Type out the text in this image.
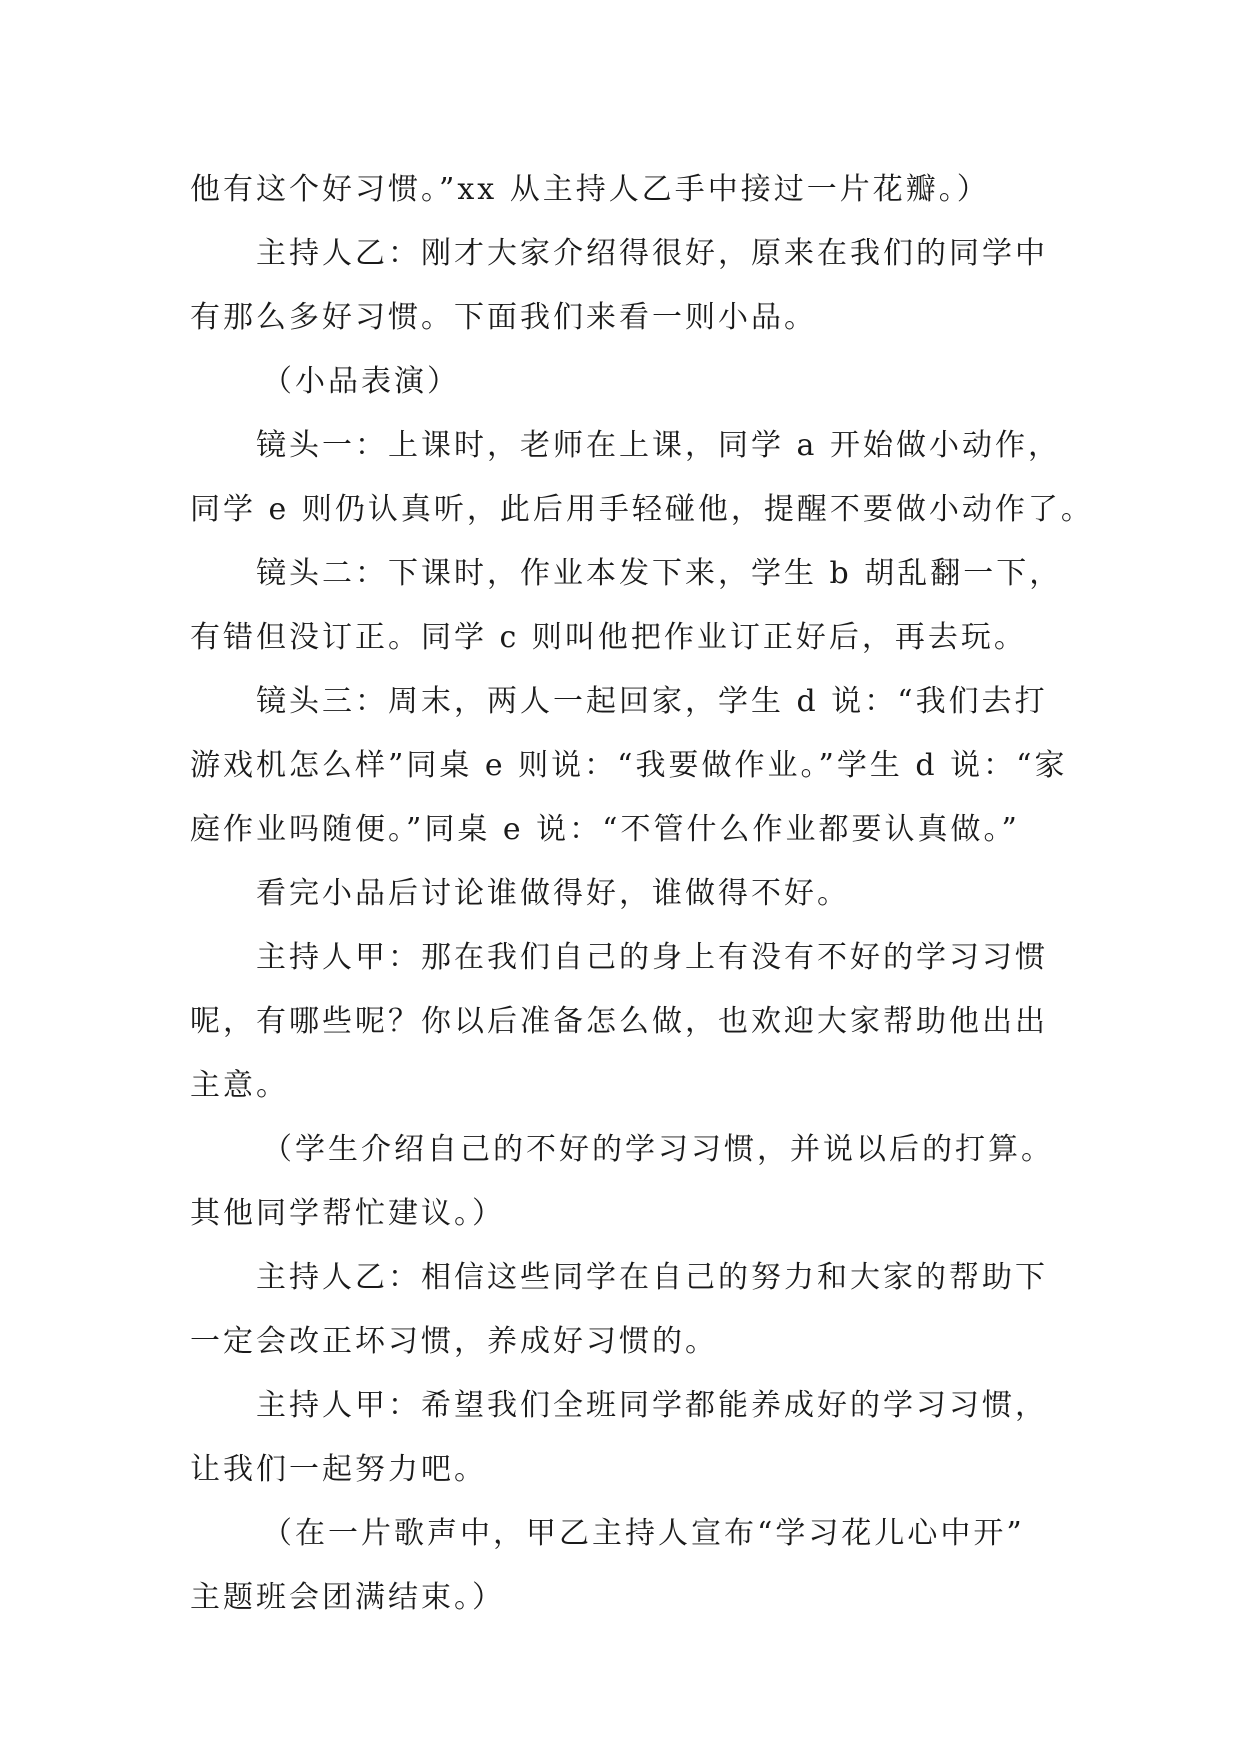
他有这个好习惯。”xx 从主持人乙手中接过一片花瓣。）
主持人乙：刚才大家介绍得很好，原来在我们的同学中
有那么多好习惯。下面我们来看一则小品。
（小品表演）
镜头一：上课时，老师在上课，同学 a 开始做小动作，
同学 e 则仍认真听，此后用手轻碰他，提醒不要做小动作了。
镜头二：下课时，作业本发下来，学生 b 胡乱翻一下，
有错但没订正。同学 c 则叫他把作业订正好后，再去玩。
镜头三：周末，两人一起回家，学生 d 说：“我们去打
游戏机怎么样”同桌 e 则说：“我要做作业。”学生 d 说：“家
庭作业吗随便。”同桌 e 说：“不管什么作业都要认真做。”
看完小品后讨论谁做得好，谁做得不好。
主持人甲：那在我们自己的身上有没有不好的学习习惯
呢，有哪些呢？你以后准备怎么做，也欢迎大家帮助他出出
主意。
（学生介绍自己的不好的学习习惯，并说以后的打算。
其他同学帮忙建议。）
主持人乙：相信这些同学在自己的努力和大家的帮助下
一定会改正坏习惯，养成好习惯的。
主持人甲：希望我们全班同学都能养成好的学习习惯，
让我们一起努力吧。
（在一片歌声中，甲乙主持人宣布“学习花儿心中开”
主题班会团满结束。）
